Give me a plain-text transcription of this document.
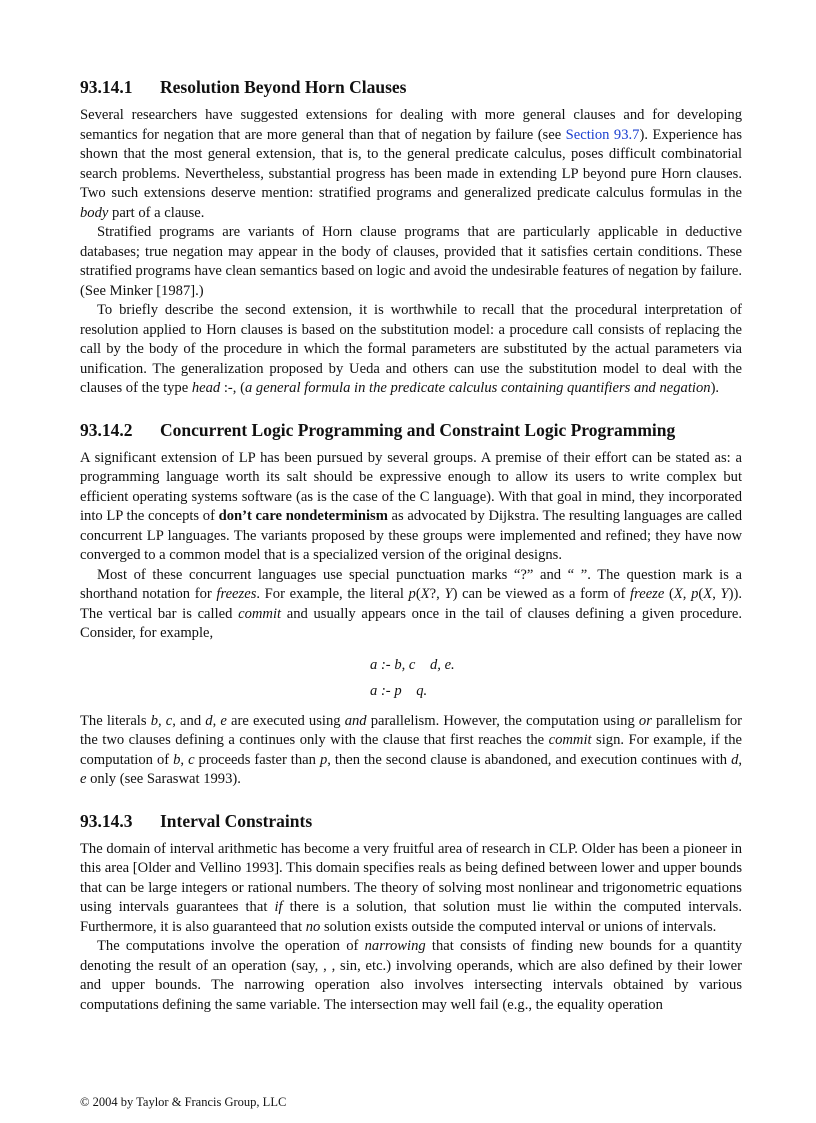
93.14.1 Resolution Beyond Horn Clauses

Several researchers have suggested extensions for dealing with more general clauses and for developing semantics for negation that are more general than that of negation by failure (see Section 93.7). Experience has shown that the most general extension, that is, to the general predicate calculus, poses difficult combinatorial search problems. Nevertheless, substantial progress has been made in extending LP beyond pure Horn clauses. Two such extensions deserve mention: stratified programs and generalized predicate calculus formulas in the body part of a clause.

Stratified programs are variants of Horn clause programs that are particularly applicable in deductive databases; true negation may appear in the body of clauses, provided that it satisfies certain conditions. These stratified programs have clean semantics based on logic and avoid the undesirable features of negation by failure. (See Minker [1987].)

To briefly describe the second extension, it is worthwhile to recall that the procedural interpretation of resolution applied to Horn clauses is based on the substitution model: a procedure call consists of replacing the call by the body of the procedure in which the formal parameters are substituted by the actual parameters via unification. The generalization proposed by Ueda and others can use the substitution model to deal with the clauses of the type head :-, (a general formula in the predicate calculus containing quantifiers and negation).

93.14.2 Concurrent Logic Programming and Constraint Logic Programming

A significant extension of LP has been pursued by several groups. A premise of their effort can be stated as: a programming language worth its salt should be expressive enough to allow its users to write complex but efficient operating systems software (as is the case of the C language). With that goal in mind, they incorporated into LP the concepts of don’t care nondeterminism as advocated by Dijkstra. The resulting languages are called concurrent LP languages. The variants proposed by these groups were implemented and refined; they have now converged to a common model that is a specialized version of the original designs.

Most of these concurrent languages use special punctuation marks “?” and “ ”. The question mark is a shorthand notation for freezes. For example, the literal p(X?, Y) can be viewed as a form of freeze (X, p(X, Y)). The vertical bar is called commit and usually appears once in the tail of clauses defining a given procedure. Consider, for example,

a :- b, c    d, e.
a :- p    q.

The literals b, c, and d, e are executed using and parallelism. However, the computation using or parallelism for the two clauses defining a continues only with the clause that first reaches the commit sign. For example, if the computation of b, c proceeds faster than p, then the second clause is abandoned, and execution continues with d, e only (see Saraswat 1993).

93.14.3 Interval Constraints

The domain of interval arithmetic has become a very fruitful area of research in CLP. Older has been a pioneer in this area [Older and Vellino 1993]. This domain specifies reals as being defined between lower and upper bounds that can be large integers or rational numbers. The theory of solving most nonlinear and trigonometric equations using intervals guarantees that if there is a solution, that solution must lie within the computed intervals. Furthermore, it is also guaranteed that no solution exists outside the computed interval or unions of intervals.

The computations involve the operation of narrowing that consists of finding new bounds for a quantity denoting the result of an operation (say, , , sin, etc.) involving operands, which are also defined by their lower and upper bounds. The narrowing operation also involves intersecting intervals obtained by various computations defining the same variable. The intersection may well fail (e.g., the equality operation

© 2004 by Taylor & Francis Group, LLC
